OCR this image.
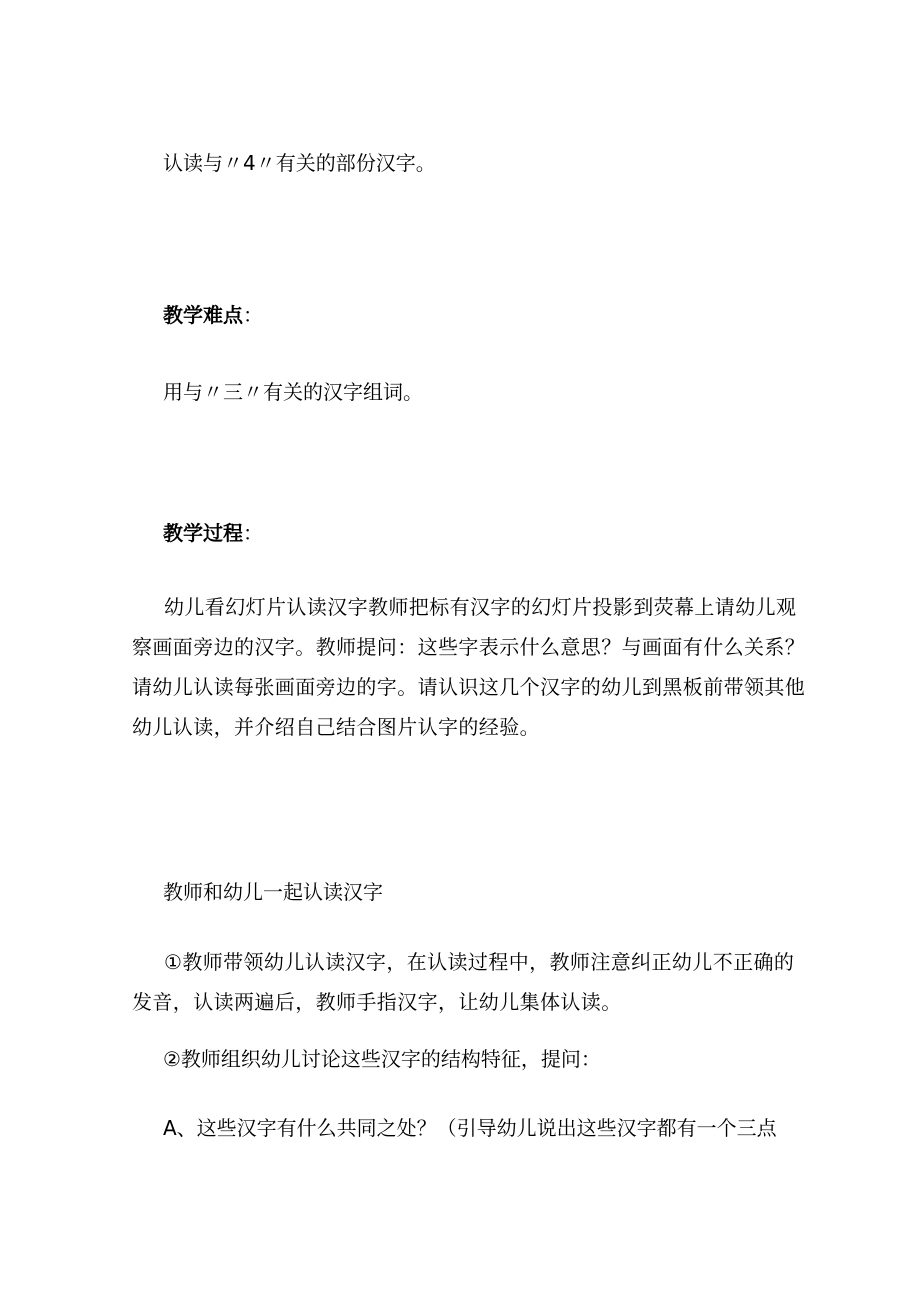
认读与〃4〃有关的部份汉字。

教学难点：

用与〃三〃有关的汉字组词。

教学过程：

幼儿看幻灯片认读汉字教师把标有汉字的幻灯片投影到荧幕上请幼儿观察画面旁边的汉字。教师提问：这些字表示什么意思？与画面有什么关系？请幼儿认读每张画面旁边的字。请认识这几个汉字的幼儿到黑板前带领其他幼儿认读，并介绍自己结合图片认字的经验。

教师和幼儿一起认读汉字

①教师带领幼儿认读汉字，在认读过程中，教师注意纠正幼儿不正确的发音，认读两遍后，教师手指汉字，让幼儿集体认读。

②教师组织幼儿讨论这些汉字的结构特征，提问：

A、这些汉字有什么共同之处？（引导幼儿说出这些汉字都有一个三点
